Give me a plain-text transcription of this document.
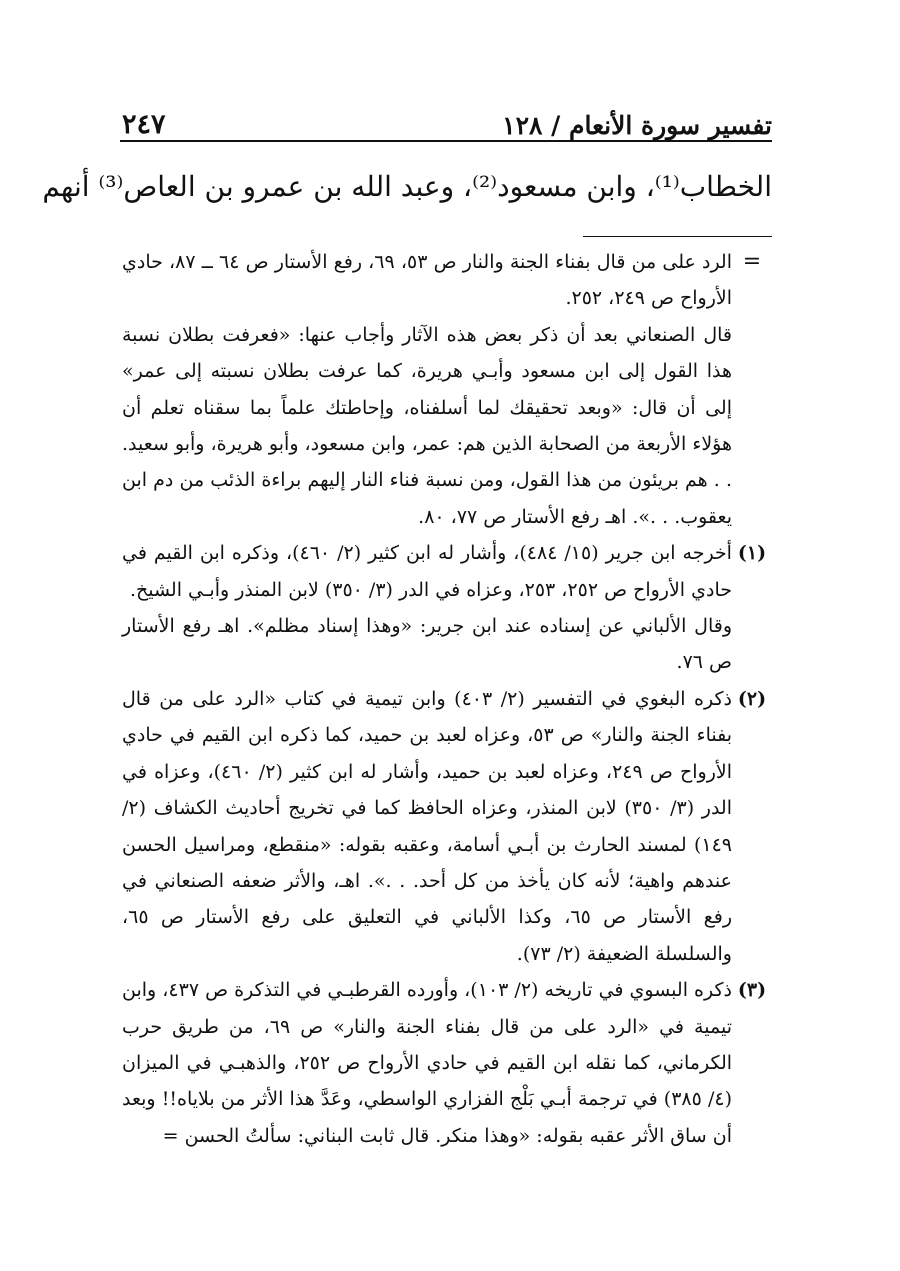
تفسير سورة الأنعام / ١٢٨
٢٤٧
الخطاب⁽¹⁾، وابن مسعود⁽²⁾، وعبد الله بن عمرو بن العاص⁽³⁾ أنهم
=
الرد على من قال بفناء الجنة والنار ص ٥٣، ٦٩، رفع الأستار ص ٦٤ ــ ٨٧، حادي الأرواح ص ٢٤٩، ٢٥٢.
قال الصنعاني بعد أن ذكر بعض هذه الآثار وأجاب عنها: «فعرفت بطلان نسبة هذا القول إلى ابن مسعود وأبـي هريرة، كما عرفت بطلان نسبته إلى عمر» إلى أن قال: «وبعد تحقيقك لما أسلفناه، وإحاطتك علماً بما سقناه تعلم أن هؤلاء الأربعة من الصحابة الذين هم: عمر، وابن مسعود، وأبو هريرة، وأبو سعيد. . . هم بريئون من هذا القول، ومن نسبة فناء النار إليهم براءة الذئب من دم ابن يعقوب. . .». اهـ رفع الأستار ص ٧٧، ٨٠.
(١)
أخرجه ابن جرير (١٥/ ٤٨٤)، وأشار له ابن كثير (٢/ ٤٦٠)، وذكره ابن القيم في حادي الأرواح ص ٢٥٢، ٢٥٣، وعزاه في الدر (٣/ ٣٥٠) لابن المنذر وأبـي الشيخ.
وقال الألباني عن إسناده عند ابن جرير: «وهذا إسناد مظلم». اهـ رفع الأستار ص ٧٦.
(٢)
ذكره البغوي في التفسير (٢/ ٤٠٣) وابن تيمية في كتاب «الرد على من قال بفناء الجنة والنار» ص ٥٣، وعزاه لعبد بن حميد، كما ذكره ابن القيم في حادي الأرواح ص ٢٤٩، وعزاه لعبد بن حميد، وأشار له ابن كثير (٢/ ٤٦٠)، وعزاه في الدر (٣/ ٣٥٠) لابن المنذر، وعزاه الحافظ كما في تخريج أحاديث الكشاف (٢/ ١٤٩) لمسند الحارث بن أبـي أسامة، وعقبه بقوله: «منقطع، ومراسيل الحسن عندهم واهية؛ لأنه كان يأخذ من كل أحد. . .». اهـ، والأثر ضعفه الصنعاني في رفع الأستار ص ٦٥، وكذا الألباني في التعليق على رفع الأستار ص ٦٥، والسلسلة الضعيفة (٢/ ٧٣).
(٣)
ذكره البسوي في تاريخه (٢/ ١٠٣)، وأورده القرطبـي في التذكرة ص ٤٣٧، وابن تيمية في «الرد على من قال بفناء الجنة والنار» ص ٦٩، من طريق حرب الكرماني، كما نقله ابن القيم في حادي الأرواح ص ٢٥٢، والذهبـي في الميزان (٤/ ٣٨٥) في ترجمة أبـي بَلْج الفزاري الواسطي، وعَدَّ هذا الأثر من بلاياه!! وبعد أن ساق الأثر عقبه بقوله: «وهذا منكر. قال ثابت البناني: سألتُ الحسن =
